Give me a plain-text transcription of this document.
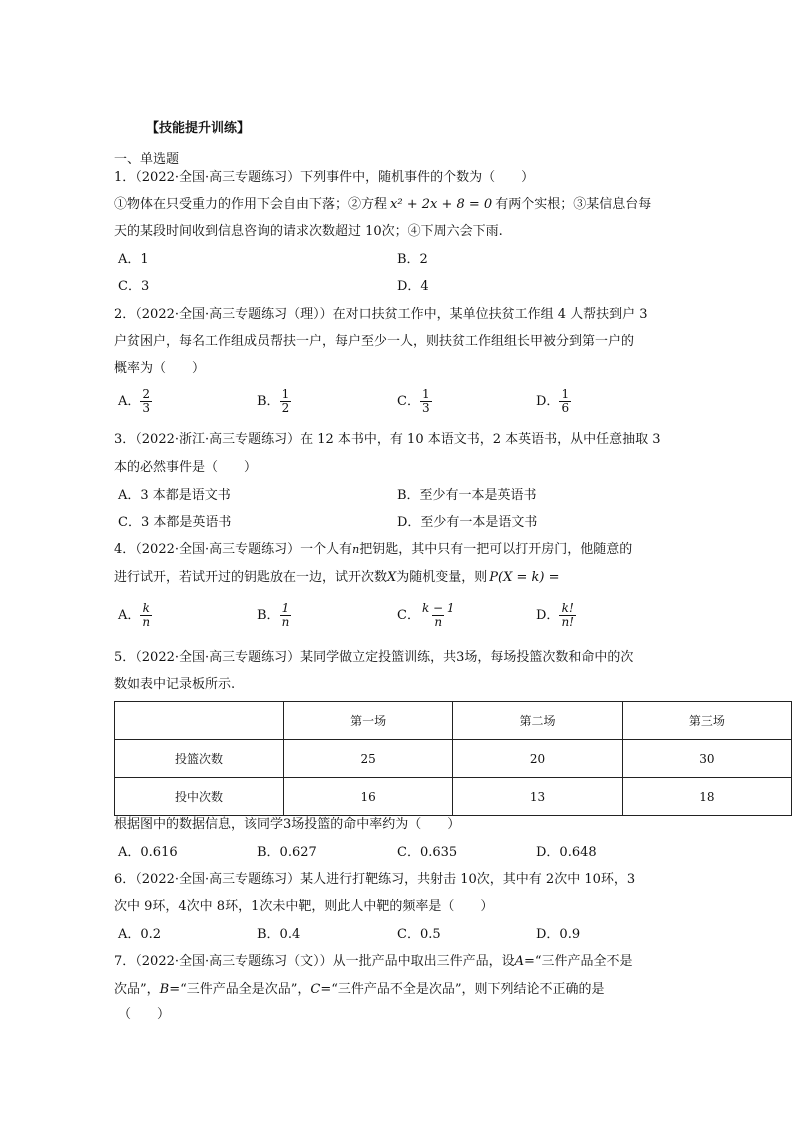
【技能提升训练】
一、单选题
1．（2022·全国·高三专题练习）下列事件中，随机事件的个数为（　　）
①物体在只受重力的作用下会自由下落；②方程 x² + 2x + 8 = 0 有两个实根；③某信息台每
天的某段时间收到信息咨询的请求次数超过 10次；④下周六会下雨.
A．1	B．2
C．3	D．4
2．（2022·全国·高三专题练习（理））在对口扶贫工作中，某单位扶贫工作组 4 人帮扶到户 3
户贫困户，每名工作组成员帮扶一户，每户至少一人，则扶贫工作组组长甲被分到第一户的
概率为（　　）
A． $\frac{2}{3}$	B． $\frac{1}{2}$	C． $\frac{1}{3}$	D． $\frac{1}{6}$
3．（2022·浙江·高三专题练习）在 12 本书中，有 10 本语文书，2 本英语书，从中任意抽取 3
本的必然事件是（　　）
A．3 本都是语文书	B．至少有一本是英语书
C．3 本都是英语书	D．至少有一本是语文书
4．（2022·全国·高三专题练习）一个人有n把钥匙，其中只有一把可以打开房门，他随意的
进行试开，若试开过的钥匙放在一边，试开次数X为随机变量，则 P(X = k) =
A． $\frac{k}{n}$	B． $\frac{1}{n}$	C． $\frac{k - 1}{n}$	D． $\frac{k!}{n!}$
5．（2022·全国·高三专题练习）某同学做立定投篮训练，共3场，每场投篮次数和命中的次
数如表中记录板所示.
	第一场	第二场	第三场
投篮次数	25	20	30
投中次数	16	13	18
根据图中的数据信息，该同学3场投篮的命中率约为（　　）
A．0.616	B．0.627	C．0.635	D．0.648
6．（2022·全国·高三专题练习）某人进行打靶练习，共射击 10次，其中有 2次中 10环，3
次中 9环，4次中 8环，1次未中靶，则此人中靶的频率是（　　）
A．0.2	B．0.4	C．0.5	D．0.9
7．（2022·全国·高三专题练习（文））从一批产品中取出三件产品，设A=“三件产品全不是
次品”，B=“三件产品全是次品”，C=“三件产品不全是次品”，则下列结论不正确的是
（　　）
